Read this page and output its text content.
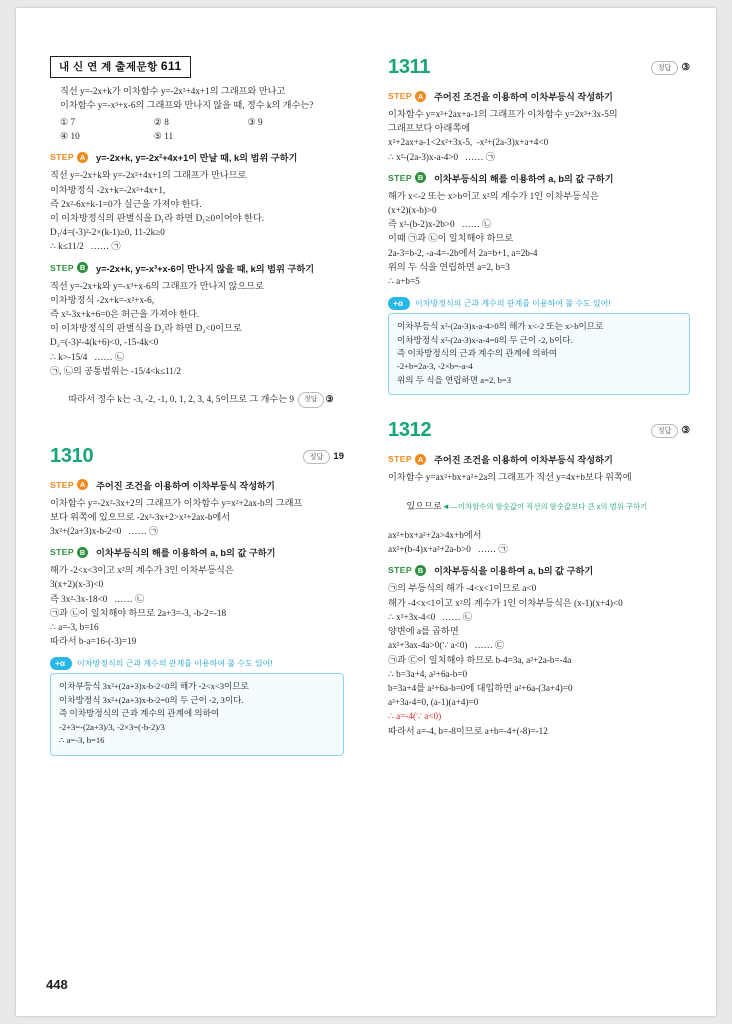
내 신 연 계 출제문항 611
직선 y=-2x+k가 이차함수 y=-2x²+4x+1의 그래프와 만나고
이차함수 y=-x³+x-6의 그래프와 만나지 않을 때, 정수 k의 개수는?
① 7	② 8	③ 9
④ 10	⑤ 11
STEP A	y=-2x+k, y=-2x²+4x+1이 만날 때, k의 범위 구하기
직선 y=-2x+k와 y=-2x²+4x+1의 그래프가 만나므로
이차방정식 -2x+k=-2x²+4x+1,
즉 2x²-6x+k-1=0가 실근을 가져야 한다.
이 이차방정식의 판별식을 D₁라 하면 D₁≥0이어야 한다.
D₁/4=(-3)²-2×(k-1)≥0, 11-2k≥0
∴ k≤11/2   …… ㉠
STEP B	y=-2x+k, y=-x³+x-6이 만나지 않을 때, k의 범위 구하기
직선 y=-2x+k와 y=-x³+x-6의 그래프가 만나지 않으므로
이차방정식 -2x+k=-x²+x-6,
즉 x²-3x+k+6=0은 허근을 가져야 한다.
이 이차방정식의 판별식을 D₂라 하면 D₂<0이므로
D₂=(-3)²-4(k+6)<0, -15-4k<0
∴ k>-15/4   …… ㉡
㉠, ㉡의 공통범위는 -15/4<k≤11/2

따라서 정수 k는 -3, -2, -1, 0, 1, 2, 3, 4, 5이므로 그 개수는 9 정답 ③

1310	정답 19
STEP A	주어진 조건을 이용하여 이차부등식 작성하기
이차함수 y=-2x²-3x+2의 그래프가 이차함수 y=x²+2ax-b의 그래프
보다 위쪽에 있으므로 -2x²-3x+2>x²+2ax-b에서
3x²+(2a+3)x-b-2<0   …… ㉠
STEP B	이차부등식의 해를 이용하여 a, b의 값 구하기
해가 -2<x<3이고 x²의 계수가 3인 이차부등식은
3(x+2)(x-3)<0
즉 3x²-3x-18<0   …… ㉡
㉠과 ㉡이 일치해야 하므로 2a+3=-3, -b-2=-18
∴ a=-3, b=16
따라서 b-a=16-(-3)=19
+α	이차방정식의 근과 계수의 관계를 이용하여 풀 수도 있어!
이차부등식 3x²+(2a+3)x-b-2<0의 해가 -2<x<3이므로
이차방정식 3x²+(2a+3)x-b-2=0의 두 근이 -2, 3이다.
즉 이차방정식의 근과 계수의 관계에 의하여
-2+3=-(2a+3)/3, -2×3=(-b-2)/3
∴ a=-3, b=16
1311	정답 ③
STEP A	주어진 조건을 이용하여 이차부등식 작성하기
이차함수 y=x²+2ax+a-1의 그래프가 이차함수 y=2x³+3x-5의
그래프보다 아래쪽에
x²+2ax+a-1<2x²+3x-5,  -x²+(2a-3)x+a+4<0
∴ x²-(2a-3)x-a-4>0   …… ㉠
STEP B	이차부등식의 해를 이용하여 a, b의 값 구하기
해가 x<-2 또는 x>b이고 x²의 계수가 1인 이차부등식은
(x+2)(x-b)>0
즉 x²-(b-2)x-2b>0   …… ㉡
이때 ㉠과 ㉡이 일치해야 하므로
2a-3=b-2, -a-4=-2b에서 2a=b+1, a=2b-4
위의 두 식을 연립하면 a=2, b=3
∴ a+b=5
+α	이차방정식의 근과 계수의 관계를 이용하여 풀 수도 있어!
이차부등식 x²-(2a-3)x-a-4>0의 해가 x<-2 또는 x>b이므로
이차방정식 x²-(2a-3)x-a-4=0의 두 근이 -2, b이다.
즉 이차방정식의 근과 계수의 관계에 의하여
-2+b=2a-3, -2×b=-a-4
위의 두 식을 연립하면 a=2, b=3
1312	정답 ③
STEP A	주어진 조건을 이용하여 이차부등식 작성하기
이차함수 y=ax²+bx+a²+2a의 그래프가 직선 y=4x+b보다 위쪽에

있으므로◄—이차함수의 함숫값이 직선의 함숫값보다 큰 x의 범위 구하기

ax²+bx+a²+2a>4x+b에서
ax²+(b-4)x+a²+2a-b>0   …… ㉠
STEP B	이차부등식을 이용하여 a, b의 값 구하기
㉠의 부등식의 해가 -4<x<1이므로 a<0
해가 -4<x<1이고 x²의 계수가 1인 이차부등식은 (x-1)(x+4)<0
∴ x²+3x-4<0   …… ㉡
양변에 a를 곱하면
ax²+3ax-4a>0(∵ a<0)   …… ㉢
㉠과 ㉢이 일치해야 하므로 b-4=3a, a²+2a-b=-4a
∴ b=3a+4, a²+6a-b=0
b=3a+4를 a²+6a-b=0에 대입하면 a²+6a-(3a+4)=0
a²+3a-4=0, (a-1)(a+4)=0
∴ a=-4(∵ a<0)
따라서 a=-4, b=-8이므로 a+b=-4+(-8)=-12
448
